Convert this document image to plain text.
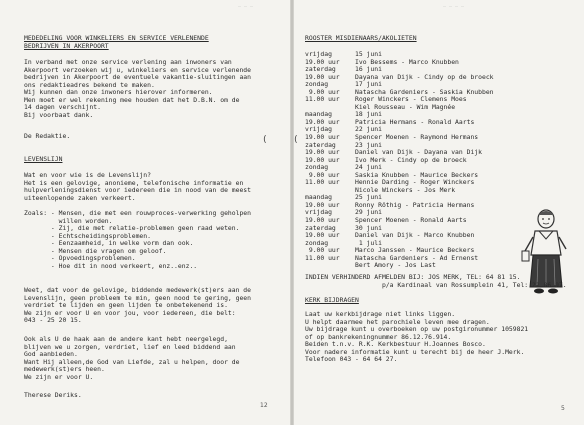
— — —
MEDEDELING VOOR WINKELIERS EN SERVICE VERLENENDE
BEDRIJVEN IN AKERPOORT
In verband met onze service verlening aan inwoners van
Akerpoort verzoeken wij u, winkeliers en service verlenende
bedrijven in Akerpoort de eventuele vakantie-sluitingen aan
ons redaktieadres bekend te maken.
Wij kunnen dan onze inwoners hierover informeren.
Men moet er wel rekening mee houden dat het D.B.N. om de
14 dagen verschijnt.
Bij voorbaat dank.
De Redaktie.
LEVENSLIJN
Wat en voor wie is de Levenslijn?
Het is een gelovige, anonieme, telefonische informatie en
hulpverleningsdienst voor iedereen die in nood van de meest
uiteenlopende zaken verkeert.
Zoals: - Mensen, die met een rouwproces-verwerking geholpen
willen worden.
- Zij, die met relatie-problemen geen raad weten.
- Echtscheidingsproblemen.
- Eenzaamheid, in welke vorm dan ook.
- Mensen die vragen om geloof.
- Opvoedingsproblemen.
- Hoe dit in nood verkeert, enz..enz..
Weet, dat voor de gelovige, biddende medewerk(st)ers aan de
Levenslijn, geen probleem te min, geen nood te gering, geen
verdriet te lijden en geen lijden te onbetekenend is.
We zijn er voor U en voor jou, voor iedereen, die belt:
043 - 25 20 15.
Ook als U de haak aan de andere kant hebt neergelegd,
blijven we u zorgen, verdriet, lief en leed biddend aan
God aanbieden.
Want Hij alleen,de God van Liefde, zal u helpen, door de
medewerk(st)ers heen.
We zijn er voor U.
Therese Deriks.
(
12
— — — —
ROOSTER MISDIENAARS/AKOLIETEN
vrijdag      15 juni
19.00 uur    Ivo Bessems - Marco Knubben
zaterdag     16 juni
19.00 uur    Dayana van Dijk - Cindy op de broeck
zondag       17 juni
9.00 uur    Natascha Gardeniers - Saskia Knubben
11.00 uur    Roger Winckers - Clemens Moes
Kiel Rousseau - Wim Magnée
maandag      18 juni
19.00 uur    Patricia Hermans - Ronald Aarts
vrijdag      22 juni
19.00 uur    Spencer Moenen - Raymond Hermans
zaterdag     23 juni
19.00 uur    Daniel van Dijk - Dayana van Dijk
19.00 uur    Ivo Merk - Cindy op de broeck
zondag       24 juni
9.00 uur    Saskia Knubben - Maurice Beckers
11.00 uur    Hennie Darding - Roger Winckers
Nicole Winckers - Jos Merk
maandag      25 juni
19.00 uur    Ronny Röthig - Patricia Hermans
vrijdag      29 juni
19.00 uur    Spencer Moenen - Ronald Aarts
zaterdag     30 juni
19.00 uur    Daniel van Dijk - Marco Knubben
zondag        1 juli
9.00 uur    Marco Janssen - Maurice Beckers
11.00 uur    Natascha Gardeniers - Ad Ernenst
Bert Amory - Jos Last
(
INDIEN VERHINDERD AFMELDEN BIJ: JOS MERK, TEL: 64 81 15.
p/a Kardinaal van Rossumplein 41, Tel: 21 06 97.
KERK BIJDRAGEN
Laat uw kerkbijdrage niet links liggen.
U helpt daarmee het parochiele leven mee dragen.
Uw bijdrage kunt u overboeken op uw postgironummer 1059821
of op bankrekeningnummer 86.12.76.914.
Beiden t.n.v. R.K. Kerkbestuur H.Joannes Bosco.
Voor nadere informatie kunt u terecht bij de heer J.Merk.
Telefoon 043 - 64 64 27.
5
